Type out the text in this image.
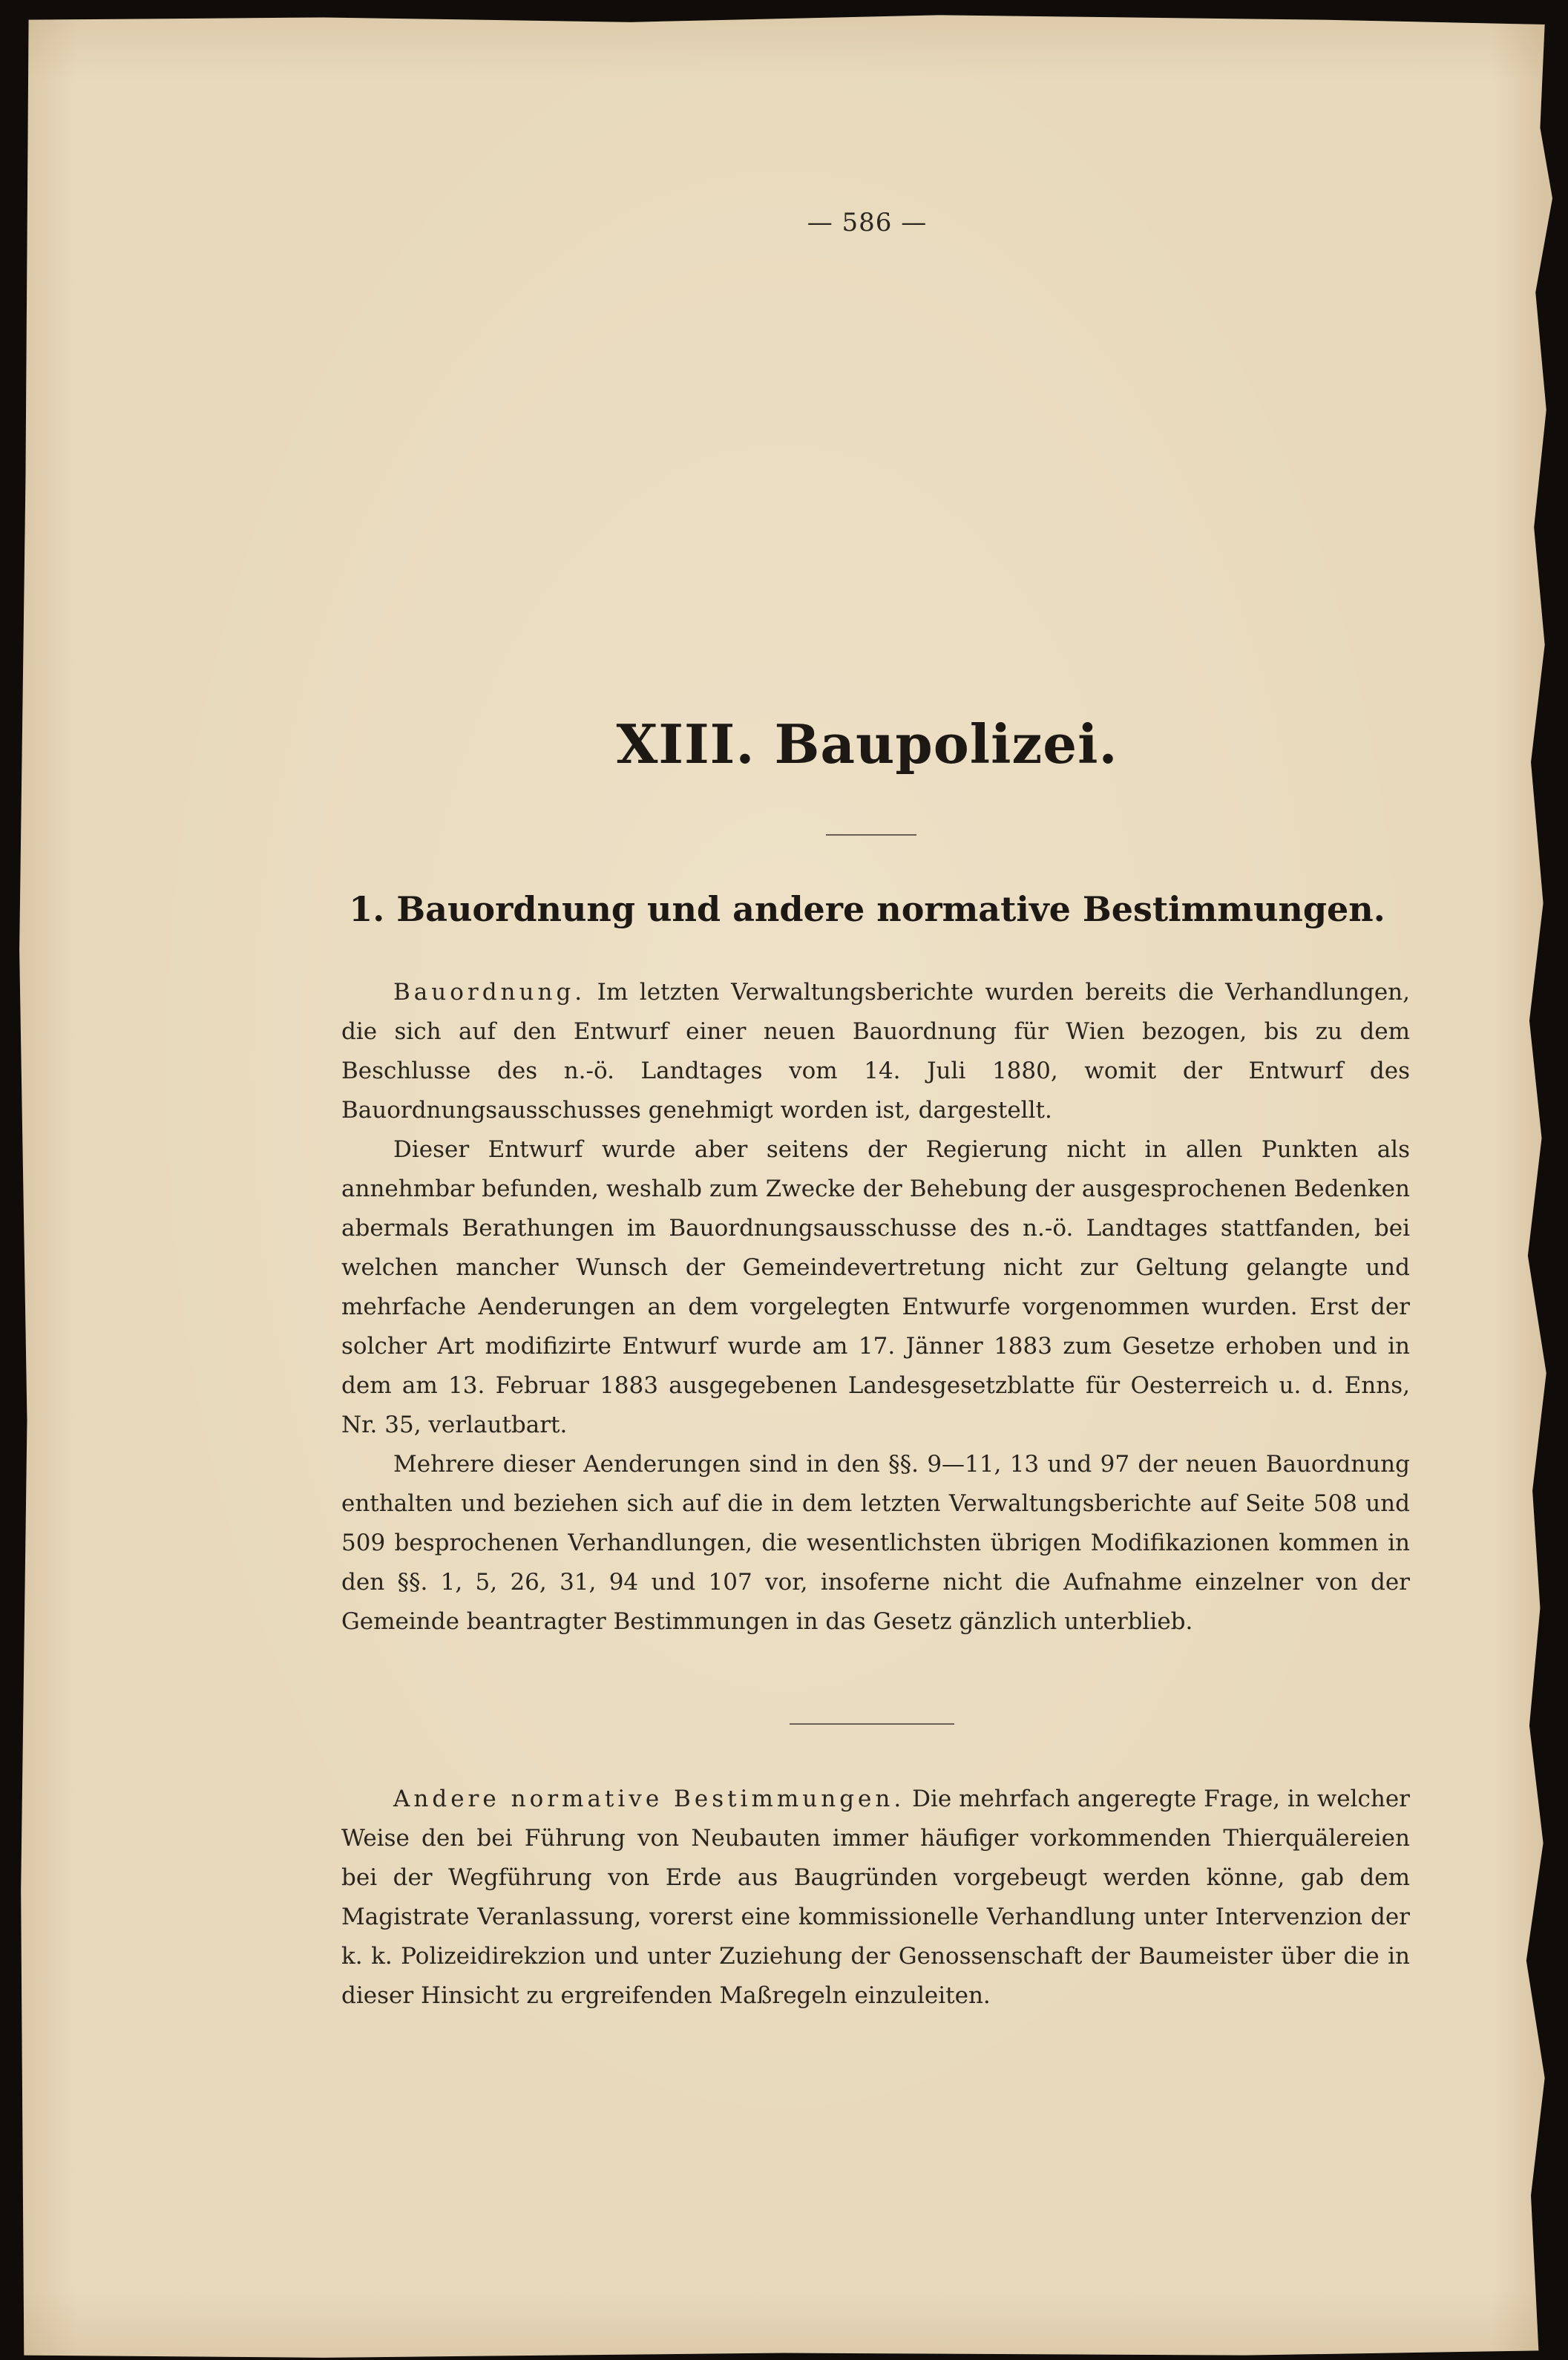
— 586 —
XIII. Baupolizei.
1. Bauordnung und andere normative Bestimmungen.

Bauordnung. Im letzten Verwaltungsberichte wurden bereits die Verhandlungen, die sich auf den Entwurf einer neuen Bauordnung für Wien bezogen, bis zu dem Beschlusse des n.-ö. Landtages vom 14. Juli 1880, womit der Entwurf des Bauordnungsausschusses genehmigt worden ist, dargestellt.

Dieser Entwurf wurde aber seitens der Regierung nicht in allen Punkten als annehmbar befunden, weshalb zum Zwecke der Behebung der ausgesprochenen Bedenken abermals Berathungen im Bauordnungsausschusse des n.-ö. Landtages stattfanden, bei welchen mancher Wunsch der Gemeindevertretung nicht zur Geltung gelangte und mehrfache Aenderungen an dem vorgelegten Entwurfe vorgenommen wurden. Erst der solcher Art modifizirte Entwurf wurde am 17. Jänner 1883 zum Gesetze erhoben und in dem am 13. Februar 1883 ausgegebenen Landesgesetzblatte für Oesterreich u. d. Enns, Nr. 35, verlautbart.

Mehrere dieser Aenderungen sind in den §§. 9—11, 13 und 97 der neuen Bauordnung enthalten und beziehen sich auf die in dem letzten Verwaltungsberichte auf Seite 508 und 509 besprochenen Verhandlungen, die wesentlichsten übrigen Modifikazionen kommen in den §§. 1, 5, 26, 31, 94 und 107 vor, insoferne nicht die Aufnahme einzelner von der Gemeinde beantragter Bestimmungen in das Gesetz gänzlich unterblieb.

Andere normative Bestimmungen. Die mehrfach angeregte Frage, in welcher Weise den bei Führung von Neubauten immer häufiger vorkommenden Thierquälereien bei der Wegführung von Erde aus Baugründen vorgebeugt werden könne, gab dem Magistrate Veranlassung, vorerst eine kommissionelle Verhandlung unter Intervenzion der k. k. Polizeidirekzion und unter Zuziehung der Genossenschaft der Baumeister über die in dieser Hinsicht zu ergreifenden Maßregeln einzuleiten.
